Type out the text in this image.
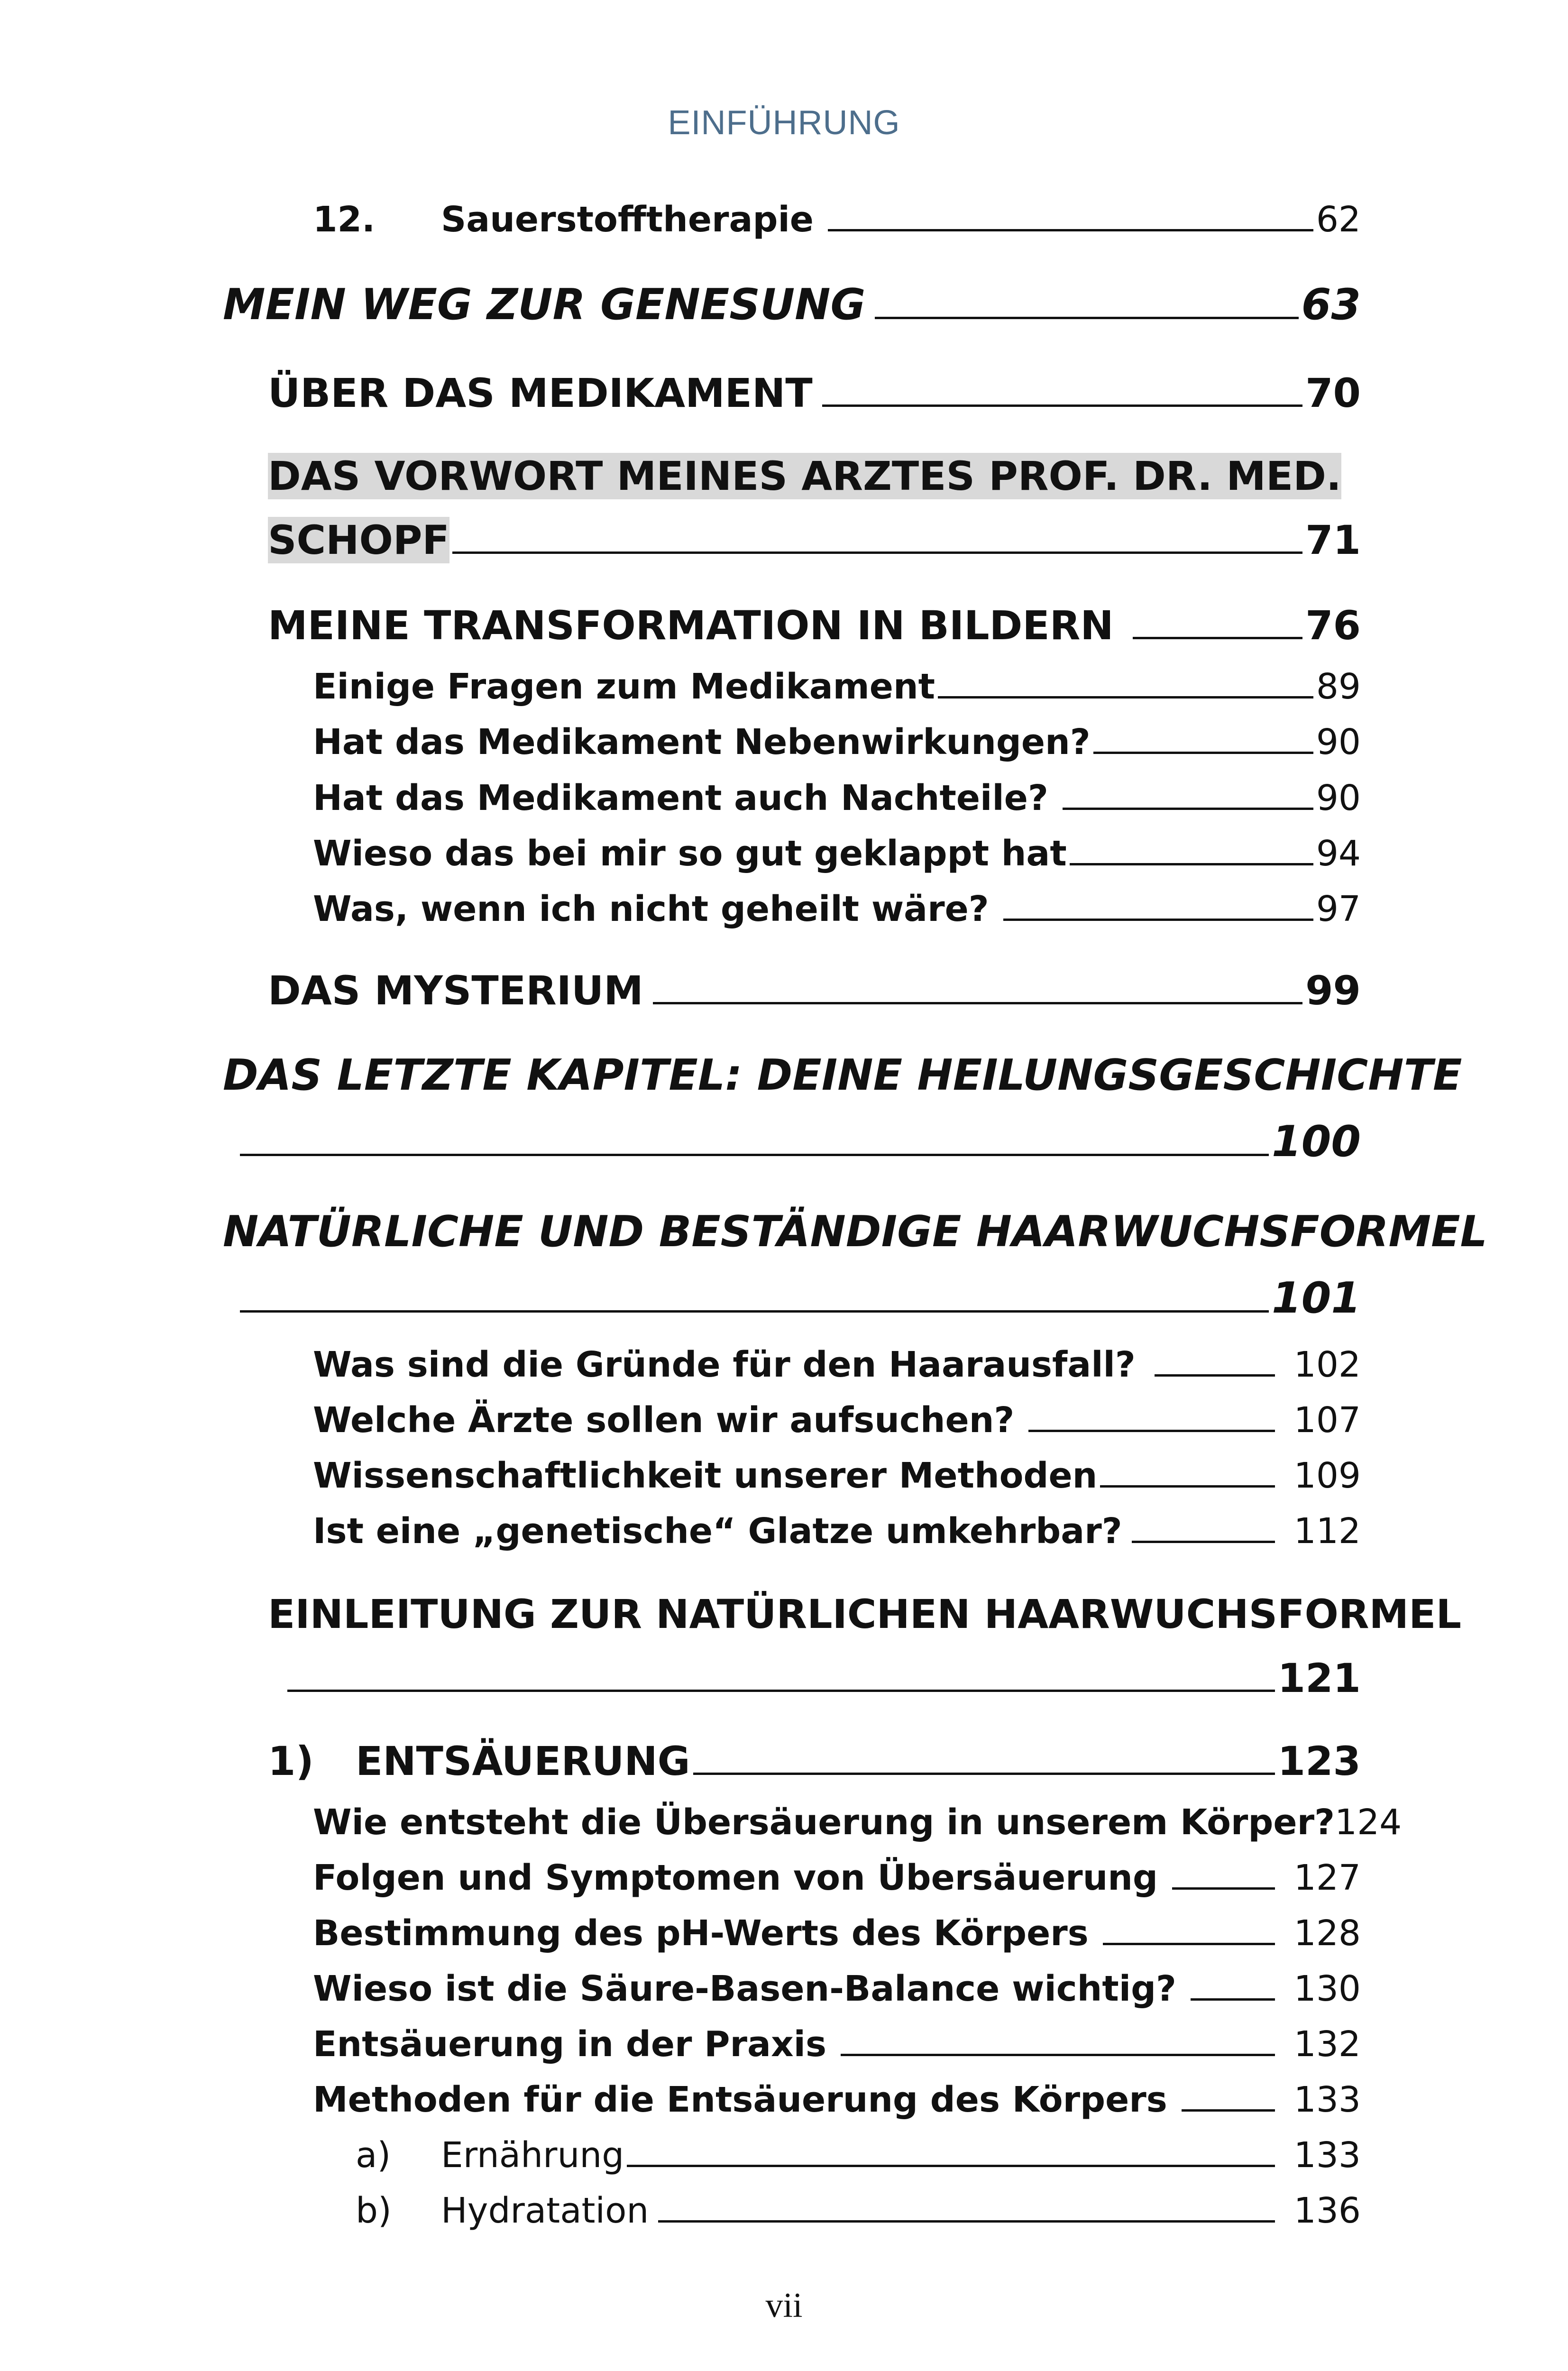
EINFÜHRUNG
12.	Sauerstofftherapie	62
MEIN WEG ZUR GENESUNG	63
ÜBER DAS MEDIKAMENT	70
DAS VORWORT MEINES ARZTES PROF. DR. MED.
SCHOPF	71
MEINE TRANSFORMATION IN BILDERN	76
Einige Fragen zum Medikament	89
Hat das Medikament Nebenwirkungen?	90
Hat das Medikament auch Nachteile?	90
Wieso das bei mir so gut geklappt hat	94
Was, wenn ich nicht geheilt wäre?	97
DAS MYSTERIUM	99
DAS LETZTE KAPITEL: DEINE HEILUNGSGESCHICHTE
100
NATÜRLICHE UND BESTÄNDIGE HAARWUCHSFORMEL
101
Was sind die Gründe für den Haarausfall?	102
Welche Ärzte sollen wir aufsuchen?	107
Wissenschaftlichkeit unserer Methoden	109
Ist eine „genetische“ Glatze umkehrbar?	112
EINLEITUNG ZUR NATÜRLICHEN HAARWUCHSFORMEL
121
1)	ENTSÄUERUNG	123
Wie entsteht die Übersäuerung in unserem Körper? 124
Folgen und Symptomen von Übersäuerung	127
Bestimmung des pH-Werts des Körpers	128
Wieso ist die Säure-Basen-Balance wichtig?	130
Entsäuerung in der Praxis	132
Methoden für die Entsäuerung des Körpers	133
a)	Ernährung	133
b)	Hydratation	136
vii
